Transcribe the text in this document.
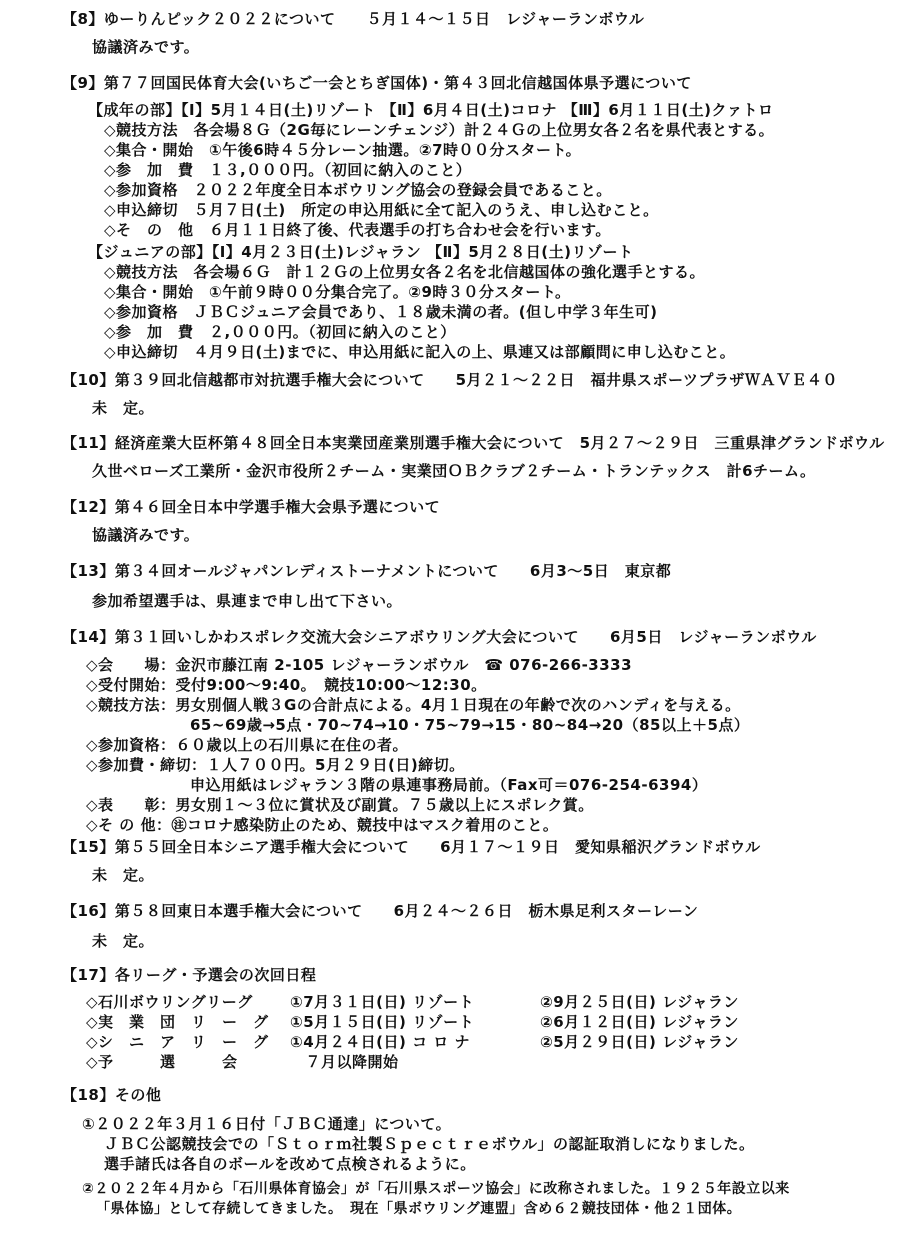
【8】ゆーりんピック２０２２について　　５月１４～１５日　レジャーランボウル
協議済みです。
【9】第７７回国民体育大会(いちご一会とちぎ国体)・第４３回北信越国体県予選について
【成年の部】【Ⅰ】5月１４日(土)リゾート 【Ⅱ】6月４日(土)コロナ 【Ⅲ】6月１１日(土)クァトロ
◇競技方法　各会場８Ｇ（2G毎にレーンチェンジ）計２４Ｇの上位男女各２名を県代表とする。
◇集合・開始　①午後6時４５分レーン抽選。②7時００分スタート。
◇参　加　費　１３,０００円。（初回に納入のこと）
◇参加資格　２０２２年度全日本ボウリング協会の登録会員であること。
◇申込締切　５月７日(土)　所定の申込用紙に全て記入のうえ、申し込むこと。
◇そ　の　他　６月１１日終了後、代表選手の打ち合わせ会を行います。
【ジュニアの部】【Ⅰ】4月２３日(土)レジャラン 【Ⅱ】5月２８日(土)リゾート
◇競技方法　各会場６Ｇ　計１２Ｇの上位男女各２名を北信越国体の強化選手とする。
◇集合・開始　①午前９時００分集合完了。②9時３０分スタート。
◇参加資格　ＪＢＣジュニア会員であり、１８歳未満の者。(但し中学３年生可)
◇参　加　費　２,０００円。（初回に納入のこと）
◇申込締切　４月９日(土)までに、申込用紙に記入の上、県連又は部顧問に申し込むこと。
【10】第３９回北信越都市対抗選手権大会について　　5月２１～２２日　福井県スポーツプラザＷＡＶＥ４０
未　定。
【11】経済産業大臣杯第４８回全日本実業団産業別選手権大会について　5月２７～２９日　三重県津グランドボウル
久世ベローズ工業所・金沢市役所２チーム・実業団ＯＢクラブ２チーム・トランテックス　計6チーム。
【12】第４６回全日本中学選手権大会県予選について
協議済みです。
【13】第３４回オールジャパンレディストーナメントについて　　6月3～5日　東京都
参加希望選手は、県連まで申し出て下さい。
【14】第３１回いしかわスポレク交流大会シニアボウリング大会について　　6月5日　レジャーランボウル
◇会　　場：金沢市藤江南 2-105 レジャーランボウル　☎ 076-266-3333
◇受付開始：受付9:00～9:40。　競技10:00～12:30。
◇競技方法：男女別個人戦３Gの合計点による。4月１日現在の年齢で次のハンディを与える。
65~69歳→5点・70~74→10・75~79→15・80~84→20（85以上＋5点）
◇参加資格：６０歳以上の石川県に在住の者。
◇参加費・締切：１人７００円。5月２９日(日)締切。
申込用紙はレジャラン３階の県連事務局前。（Fax可＝076-254-6394）
◇表　　彰：男女別１～３位に賞状及び副賞。７５歳以上にスポレク賞。
◇そ の 他：㊟コロナ感染防止のため、競技中はマスク着用のこと。
【15】第５５回全日本シニア選手権大会について　　6月１７～１９日　愛知県稲沢グランドボウル
未　定。
【16】第５８回東日本選手権大会について　　6月２４～２６日　栃木県足利スターレーン
未　定。
【17】各リーグ・予選会の次回日程
◇石川ボウリングリーグ ①7月３１日(日) リゾート	②9月２５日(日) レジャラン
◇実　業　団　リ　ー　グ ①5月１５日(日) リゾート	②6月１２日(日) レジャラン
◇シ　ニ　ア　リ　ー　グ ①4月２４日(日) コ ロ ナ	②5月２９日(日) レジャラン
◇予　　　選　　　会	　７月以降開始
【18】その他
①２０２２年３月１６日付「ＪＢＣ通達」について。
ＪＢＣ公認競技会での「Ｓｔｏｒｍ社製Ｓｐｅｃｔｒｅボウル」の認証取消しになりました。
選手諸氏は各自のボールを改めて点検されるように。
②２０２２年４月から「石川県体育協会」が「石川県スポーツ協会」に改称されました。１９２５年設立以来
「県体協」として存続してきました。　現在「県ボウリング連盟」含め６２競技団体・他２１団体。
